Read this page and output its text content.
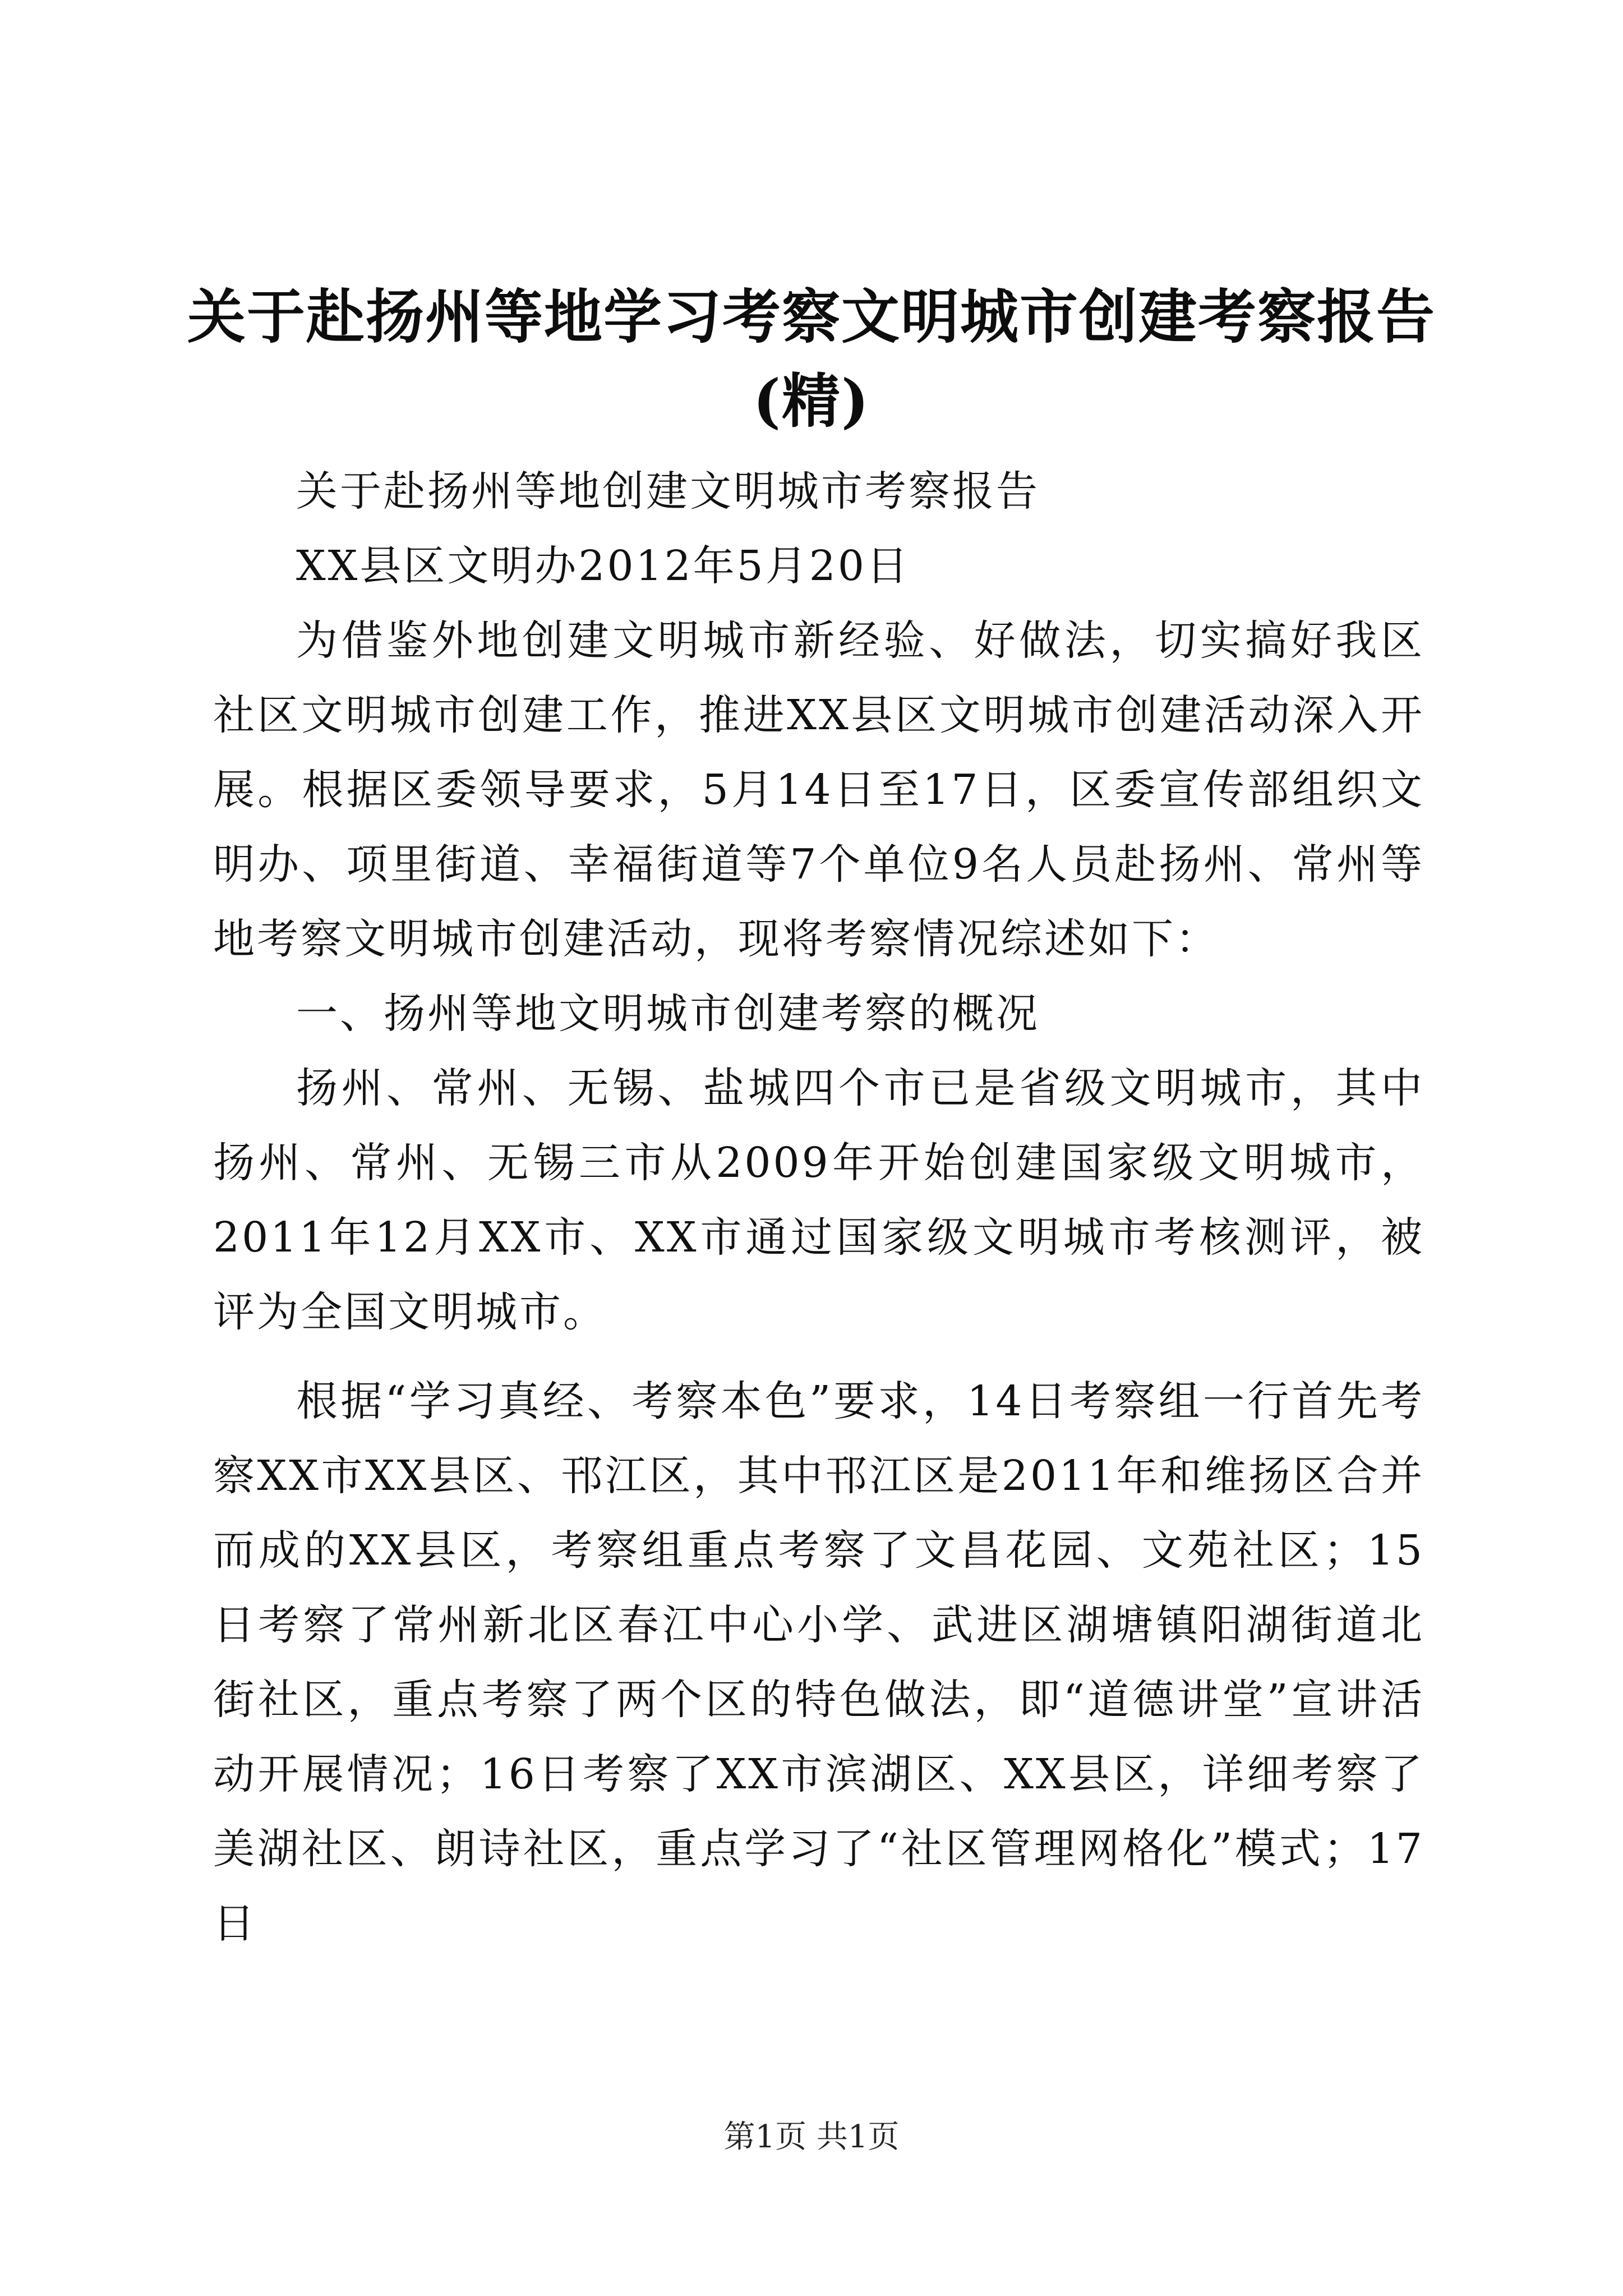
关于赴扬州等地学习考察文明城市创建考察报告(精)

关于赴扬州等地创建文明城市考察报告

XX县区文明办2012年5月20日

为借鉴外地创建文明城市新经验、好做法，切实搞好我区社区文明城市创建工作，推进XX县区文明城市创建活动深入开展。根据区委领导要求，5月14日至17日，区委宣传部组织文明办、项里街道、幸福街道等7个单位9名人员赴扬州、常州等地考察文明城市创建活动，现将考察情况综述如下：

一、扬州等地文明城市创建考察的概况

扬州、常州、无锡、盐城四个市已是省级文明城市，其中扬州、常州、无锡三市从2009年开始创建国家级文明城市，2011年12月XX市、XX市通过国家级文明城市考核测评，被评为全国文明城市。

根据“学习真经、考察本色”要求，14日考察组一行首先考察XX市XX县区、邗江区，其中邗江区是2011年和维扬区合并而成的XX县区，考察组重点考察了文昌花园、文苑社区；15日考察了常州新北区春江中心小学、武进区湖塘镇阳湖街道北街社区，重点考察了两个区的特色做法，即“道德讲堂”宣讲活动开展情况；16日考察了XX市滨湖区、XX县区，详细考察了美湖社区、朗诗社区，重点学习了“社区管理网格化”模式；17日

第1页 共1页
